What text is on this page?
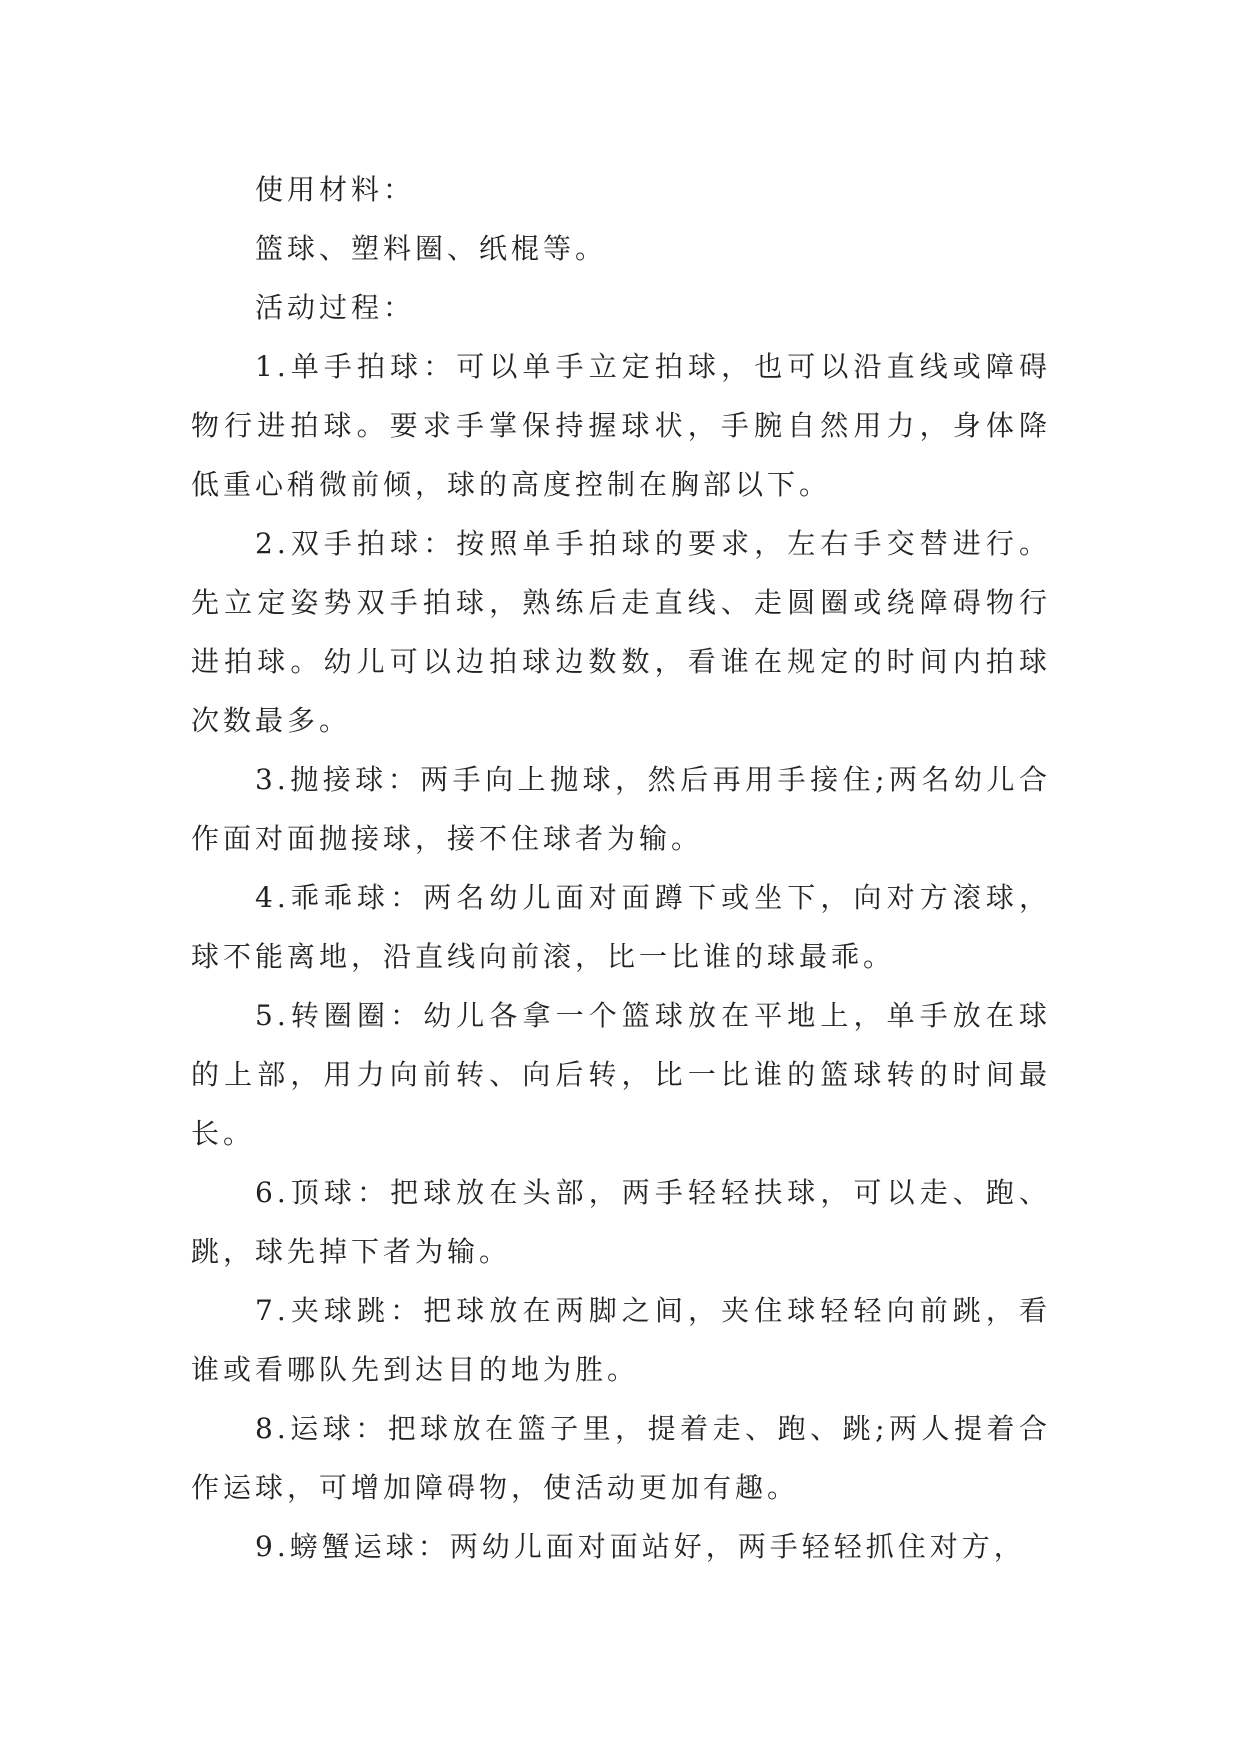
使用材料：

篮球、塑料圈、纸棍等。

活动过程：

1.单手拍球：可以单手立定拍球，也可以沿直线或障碍物行进拍球。要求手掌保持握球状，手腕自然用力，身体降低重心稍微前倾，球的高度控制在胸部以下。

2.双手拍球：按照单手拍球的要求，左右手交替进行。先立定姿势双手拍球，熟练后走直线、走圆圈或绕障碍物行进拍球。幼儿可以边拍球边数数，看谁在规定的时间内拍球次数最多。

3.抛接球：两手向上抛球，然后再用手接住;两名幼儿合作面对面抛接球，接不住球者为输。

4.乖乖球：两名幼儿面对面蹲下或坐下，向对方滚球，球不能离地，沿直线向前滚，比一比谁的球最乖。

5.转圈圈：幼儿各拿一个篮球放在平地上，单手放在球的上部，用力向前转、向后转，比一比谁的篮球转的时间最长。

6.顶球：把球放在头部，两手轻轻扶球，可以走、跑、跳，球先掉下者为输。

7.夹球跳：把球放在两脚之间，夹住球轻轻向前跳，看谁或看哪队先到达目的地为胜。

8.运球：把球放在篮子里，提着走、跑、跳;两人提着合作运球，可增加障碍物，使活动更加有趣。

9.螃蟹运球：两幼儿面对面站好，两手轻轻抓住对方，
